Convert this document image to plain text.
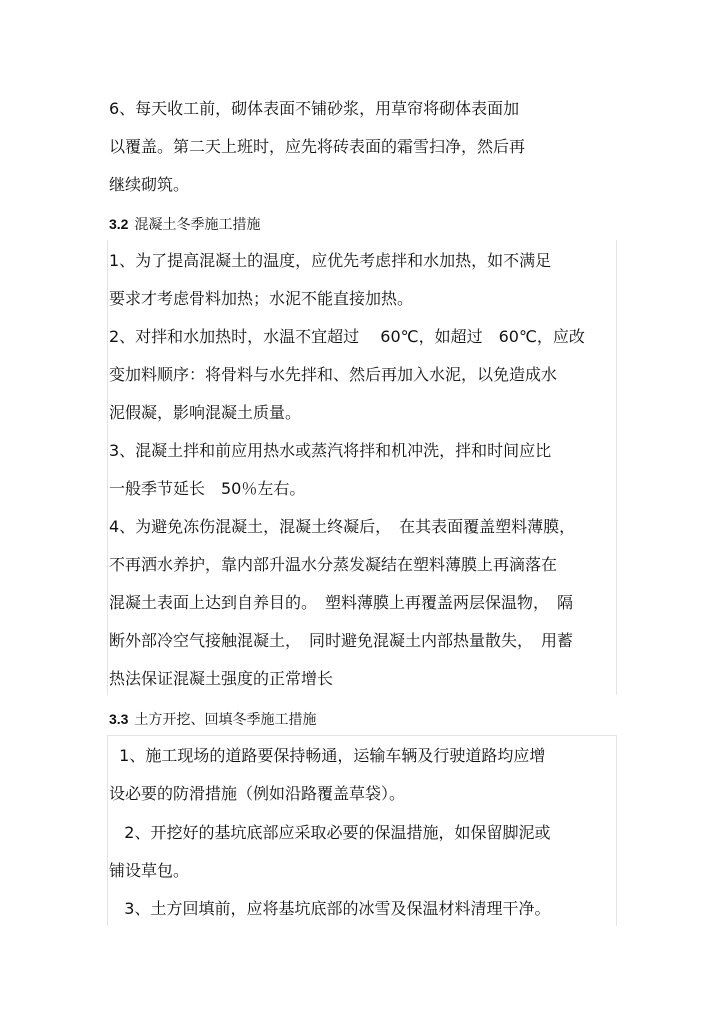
6、每天收工前，砌体表面不铺砂浆，用草帘将砌体表面加
以覆盖。第二天上班时，应先将砖表面的霜雪扫净，然后再
继续砌筑。
3.2 混凝土冬季施工措施
1、为了提高混凝土的温度，应优先考虑拌和水加热，如不满足
要求才考虑骨料加热；水泥不能直接加热。
2、对拌和水加热时，水温不宜超过　 60℃，如超过　60℃，应改
变加料顺序：将骨料与水先拌和、然后再加入水泥，以免造成水
泥假凝，影响混凝土质量。
3、混凝土拌和前应用热水或蒸汽将拌和机冲洗，拌和时间应比
一般季节延长　50％左右。
4、为避免冻伤混凝土，混凝土终凝后，　在其表面覆盖塑料薄膜，
不再洒水养护，靠内部升温水分蒸发凝结在塑料薄膜上再滴落在
混凝土表面上达到自养目的。　塑料薄膜上再覆盖两层保温物，　隔
断外部冷空气接触混凝土，　同时避免混凝土内部热量散失，　用蓄
热法保证混凝土强度的正常增长
3.3 土方开挖、回填冬季施工措施
1、施工现场的道路要保持畅通，运输车辆及行驶道路均应增
设必要的防滑措施（例如沿路覆盖草袋）。
2、开挖好的基坑底部应采取必要的保温措施，如保留脚泥或
铺设草包。
3、土方回填前，应将基坑底部的冰雪及保温材料清理干净。
